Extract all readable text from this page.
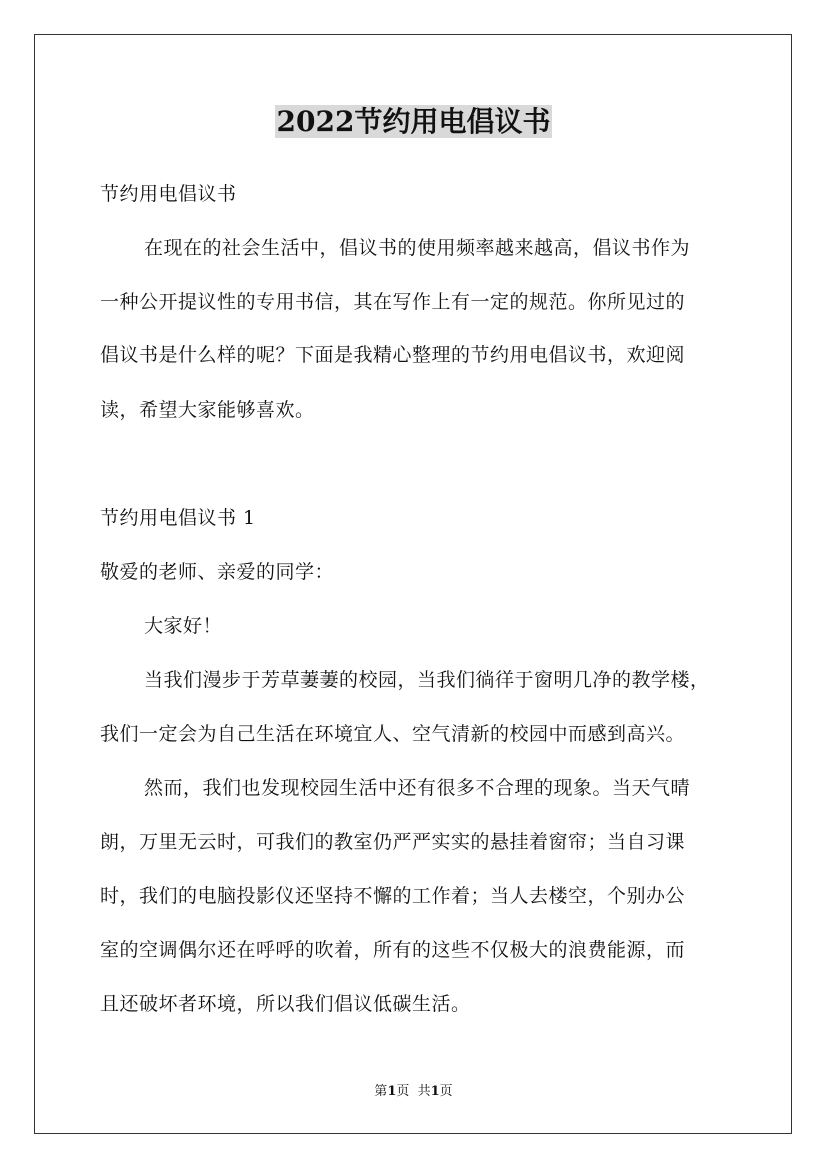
2022节约用电倡议书
节约用电倡议书
在现在的社会生活中，倡议书的使用频率越来越高，倡议书作为
一种公开提议性的专用书信，其在写作上有一定的规范。你所见过的
倡议书是什么样的呢？下面是我精心整理的节约用电倡议书，欢迎阅
读，希望大家能够喜欢。
节约用电倡议书 1
敬爱的老师、亲爱的同学：
大家好！
当我们漫步于芳草萋萋的校园，当我们徜徉于窗明几净的教学楼，
我们一定会为自己生活在环境宜人、空气清新的校园中而感到高兴。
然而，我们也发现校园生活中还有很多不合理的现象。当天气晴
朗，万里无云时，可我们的教室仍严严实实的悬挂着窗帘；当自习课
时，我们的电脑投影仪还坚持不懈的工作着；当人去楼空，个别办公
室的空调偶尔还在呼呼的吹着，所有的这些不仅极大的浪费能源，而
且还破坏者环境，所以我们倡议低碳生活。
第1页  共1页
